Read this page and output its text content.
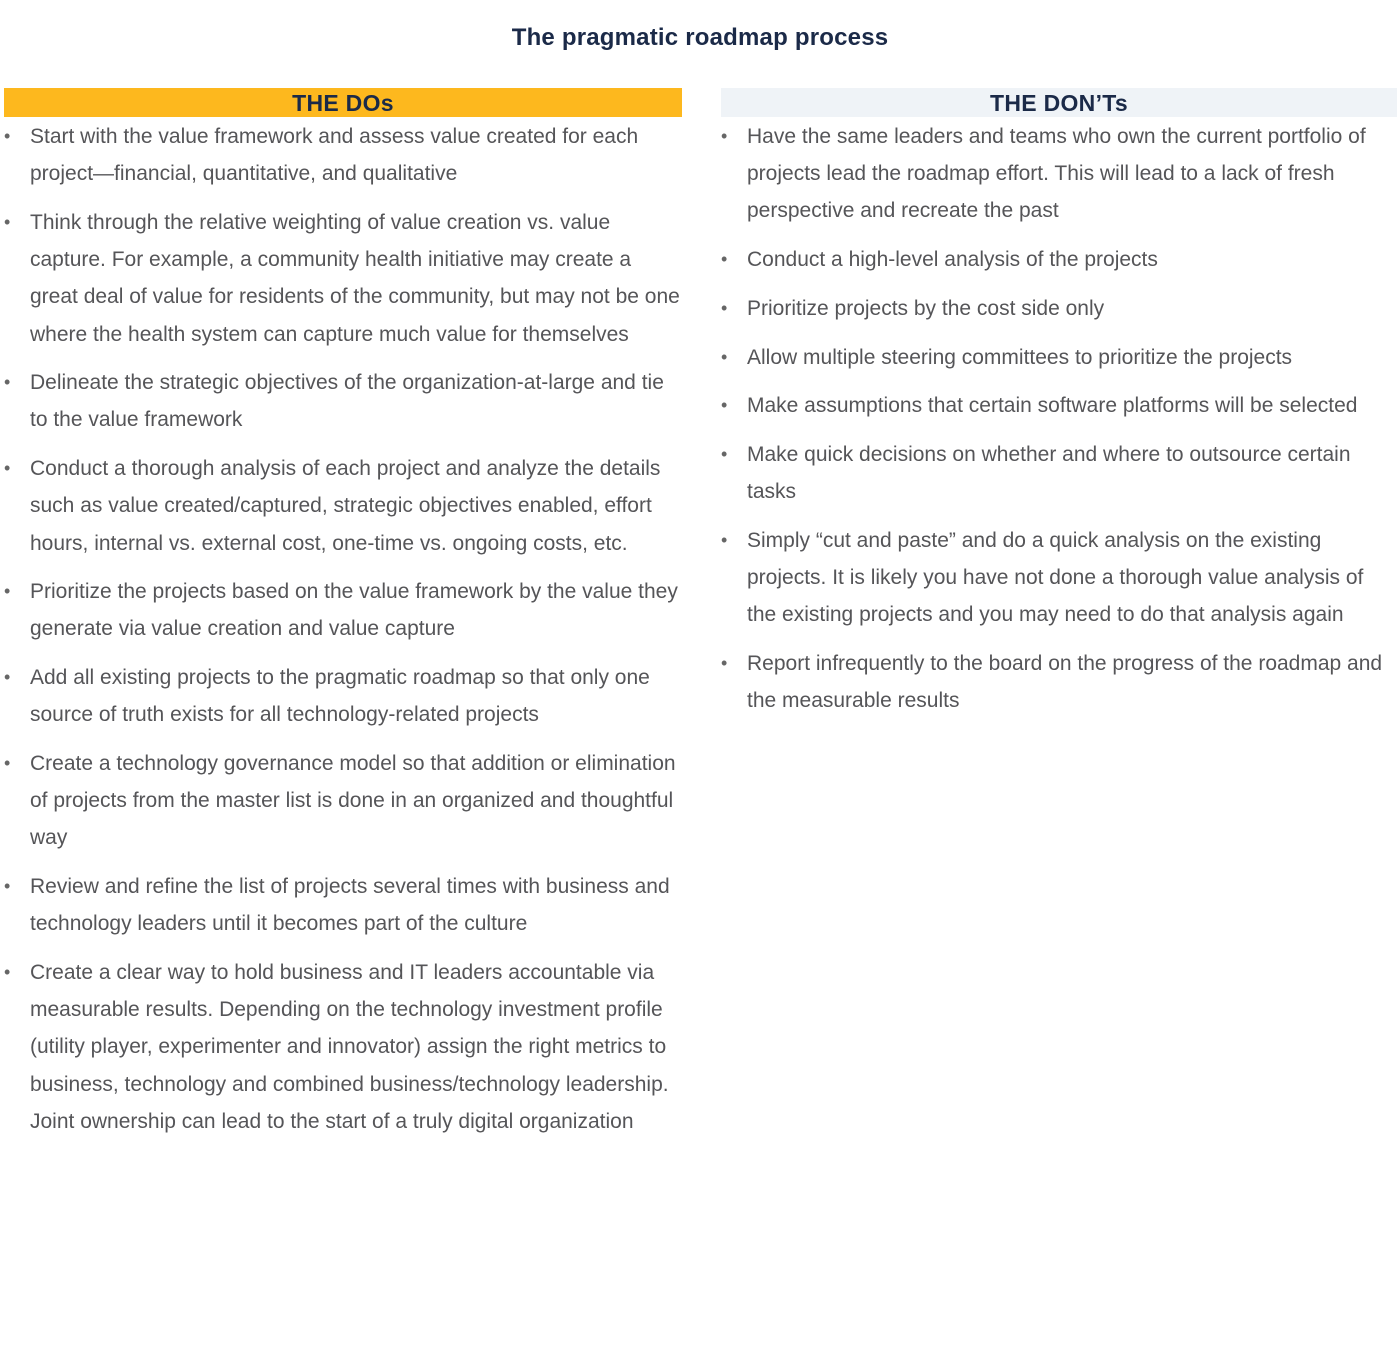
The pragmatic roadmap process
THE DOs
• Start with the value framework and assess value created for each project—financial, quantitative, and qualitative
• Think through the relative weighting of value creation vs. value capture. For example, a community health initiative may create a great deal of value for residents of the community, but may not be one where the health system can capture much value for themselves
• Delineate the strategic objectives of the organization-at-large and tie to the value framework
• Conduct a thorough analysis of each project and analyze the details such as value created/captured, strategic objectives enabled, effort hours, internal vs. external cost, one-time vs. ongoing costs, etc.
• Prioritize the projects based on the value framework by the value they generate via value creation and value capture
• Add all existing projects to the pragmatic roadmap so that only one source of truth exists for all technology-related projects
• Create a technology governance model so that addition or elimination of projects from the master list is done in an organized and thoughtful way
• Review and refine the list of projects several times with business and technology leaders until it becomes part of the culture
• Create a clear way to hold business and IT leaders accountable via measurable results. Depending on the technology investment profile (utility player, experimenter and innovator) assign the right metrics to business, technology and combined business/technology leadership. Joint ownership can lead to the start of a truly digital organization
THE DON’Ts
• Have the same leaders and teams who own the current portfolio of projects lead the roadmap effort. This will lead to a lack of fresh perspective and recreate the past
• Conduct a high-level analysis of the projects
• Prioritize projects by the cost side only
• Allow multiple steering committees to prioritize the projects
• Make assumptions that certain software platforms will be selected
• Make quick decisions on whether and where to outsource certain tasks
• Simply “cut and paste” and do a quick analysis on the existing projects. It is likely you have not done a thorough value analysis of the existing projects and you may need to do that analysis again
• Report infrequently to the board on the progress of the roadmap and the measurable results
